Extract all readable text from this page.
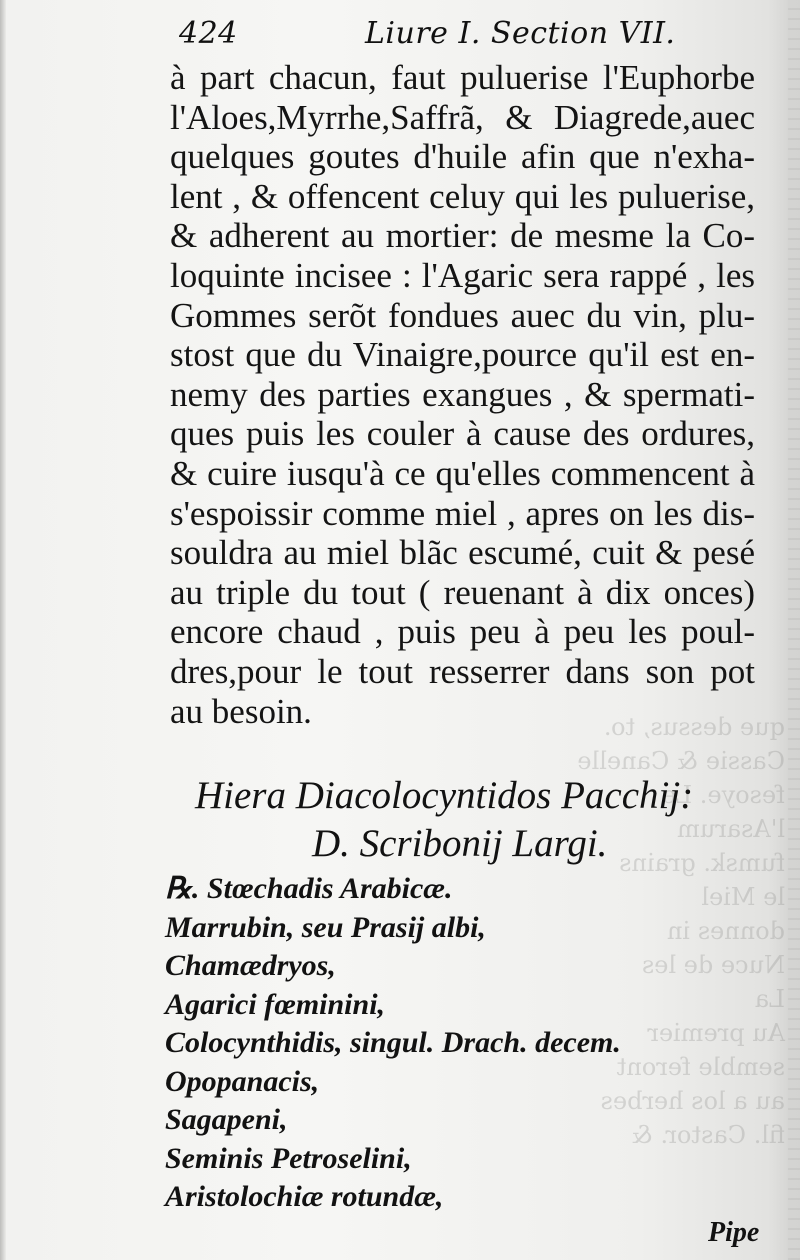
que dessus, to.
Cassie & Canelle
fesoye. Le
l'Asarum
fumsk. grains
le Miel
donnes in
Nuce de les
La
Au premier
semble feront
au a los herbes
fil. Castor. &
424	Liure I. Section VII.
à part chacun, faut puluerise l'Euphorbe
l'Aloes,Myrrhe,Saffrã, & Diagrede,auec
quelques goutes d'huile afin que n'exha-
lent , & offencent celuy qui les puluerise,
& adherent au mortier: de mesme la Co-
loquinte incisee : l'Agaric sera rappé , les
Gommes serõt fondues auec du vin, plu-
stost que du Vinaigre,pource qu'il est en-
nemy des parties exangues , & spermati-
ques puis les couler à cause des ordures,
& cuire iusqu'à ce qu'elles commencent à
s'espoissir comme miel , apres on les dis-
souldra au miel blãc escumé, cuit & pesé
au triple du tout ( reuenant à dix onces)
encore chaud , puis peu à peu les poul-
dres,pour le tout resserrer dans son pot
au besoin.
Hiera Diacolocyntidos Pacchij:
D. Scribonij Largi.
℞. Stœchadis Arabicæ.
Marrubin, seu Prasij albi,
Chamædryos,
Agarici fœminini,
Colocynthidis, singul. Drach. decem.
Opopanacis,
Sagapeni,
Seminis Petroselini,
Aristolochiæ rotundæ,
Pipe
